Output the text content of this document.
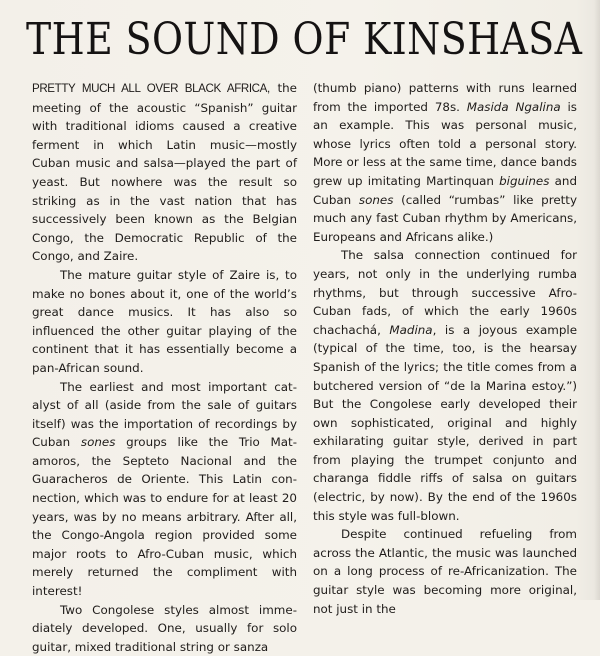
THE SOUND OF KINSHASA

PRETTY MUCH ALL OVER BLACK AFRICA, the meeting of the acoustic “Spanish” guitar with traditional idioms caused a creative ferment in which Latin music—mostly Cuban music and salsa—played the part of yeast. But nowhere was the result so striking as in the vast nation that has successively been known as the Belgian Congo, the Democratic Republic of the Congo, and Zaire.

The mature guitar style of Zaire is, to make no bones about it, one of the world’s great dance musics. It has also so influenced the other guitar playing of the continent that it has essentially become a pan-African sound.

The earliest and most important catalyst of all (aside from the sale of guitars itself) was the importation of recordings by Cuban sones groups like the Trio Matamoros, the Septeto Nacional and the Guaracheros de Oriente. This Latin connection, which was to endure for at least 20 years, was by no means arbitrary. After all, the Congo-Angola region provided some major roots to Afro-Cuban music, which merely returned the compliment with interest!

Two Congolese styles almost immediately developed. One, usually for solo guitar, mixed traditional string or sanza

(thumb piano) patterns with runs learned from the imported 78s. Masida Ngalina is an example. This was personal music, whose lyrics often told a personal story. More or less at the same time, dance bands grew up imitating Martinquan biguines and Cuban sones (called “rumbas” like pretty much any fast Cuban rhythm by Americans, Europeans and Africans alike.)

The salsa connection continued for years, not only in the underlying rumba rhythms, but through successive Afro-Cuban fads, of which the early 1960s chachachá, Madina, is a joyous example (typical of the time, too, is the hearsay Spanish of the lyrics; the title comes from a butchered version of “de la Marina estoy.”) But the Congolese early developed their own sophisticated, original and highly exhilarating guitar style, derived in part from playing the trumpet conjunto and charanga fiddle riffs of salsa on guitars (electric, by now). By the end of the 1960s this style was full-blown.

Despite continued refueling from across the Atlantic, the music was launched on a long process of re-Africanization. The guitar style was becoming more original, not just in the
